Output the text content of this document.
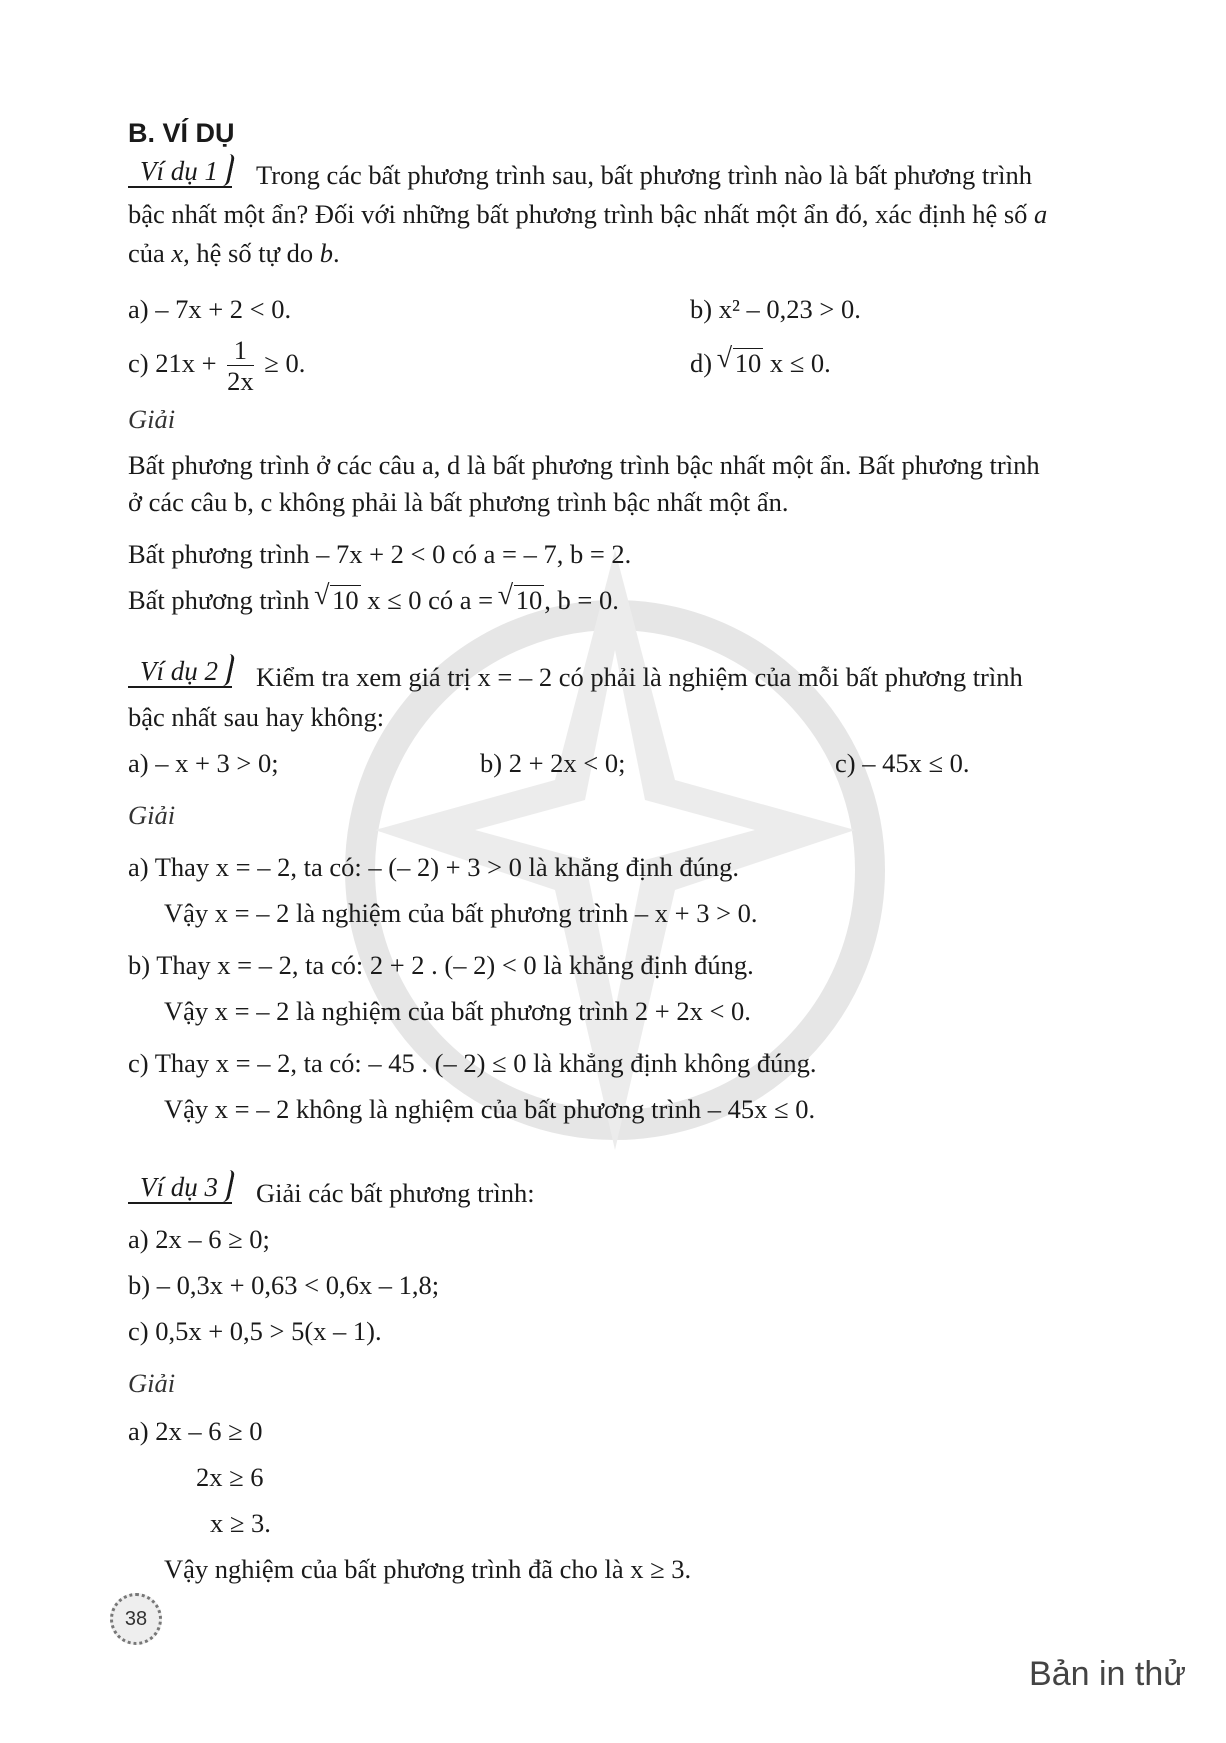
B. VÍ DỤ
Ví dụ 1	Trong các bất phương trình sau, bất phương trình nào là bất phương trình
bậc nhất một ẩn? Đối với những bất phương trình bậc nhất một ẩn đó, xác định hệ số a
của x, hệ số tự do b.
a) – 7x + 2 < 0.	b) x² – 0,23 > 0.
c) $21x + \frac{1}{2x} \ge 0$.	d) √ 10 x ≤ 0.
Giải
Bất phương trình ở các câu a, d là bất phương trình bậc nhất một ẩn. Bất phương trình
ở các câu b, c không phải là bất phương trình bậc nhất một ẩn.
Bất phương trình – 7x + 2 < 0 có a = – 7, b = 2.
Bất phương trình √ 10 x ≤ 0 có a = √ 10, b = 0.
Ví dụ 2	Kiểm tra xem giá trị x = – 2 có phải là nghiệm của mỗi bất phương trình
bậc nhất sau hay không:
a) – x + 3 > 0;	b) 2 + 2x < 0;	c) – 45x ≤ 0.
Giải
a) Thay x = – 2, ta có: – (– 2) + 3 > 0 là khẳng định đúng.
Vậy x = – 2 là nghiệm của bất phương trình – x + 3 > 0.
b) Thay x = – 2, ta có: 2 + 2 . (– 2) < 0 là khẳng định đúng.
Vậy x = – 2 là nghiệm của bất phương trình 2 + 2x < 0.
c) Thay x = – 2, ta có: – 45 . (– 2) ≤ 0 là khẳng định không đúng.
Vậy x = – 2 không là nghiệm của bất phương trình – 45x ≤ 0.
Ví dụ 3	Giải các bất phương trình:
a) 2x – 6 ≥ 0;
b) – 0,3x + 0,63 < 0,6x – 1,8;
c) 0,5x + 0,5 > 5(x – 1).
Giải
a) 2x – 6 ≥ 0
2x ≥ 6
x ≥ 3.
Vậy nghiệm của bất phương trình đã cho là x ≥ 3.
38
Bản in thử
